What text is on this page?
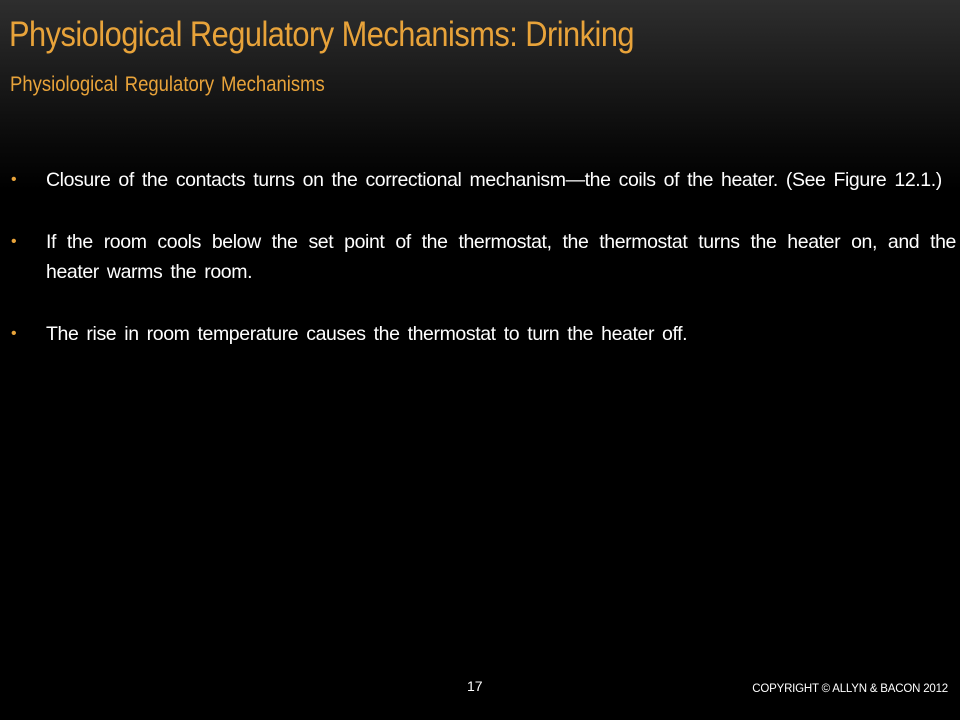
Physiological Regulatory Mechanisms: Drinking
Physiological Regulatory Mechanisms
•	Closure of the contacts turns on the correctional mechanism—the coils of the heater. (See Figure 12.1.)
•	If the room cools below the set point of the thermostat, the thermostat turns the heater on, and the heater warms the room.
•	The rise in room temperature causes the thermostat to turn the heater off.
17	COPYRIGHT © ALLYN & BACON 2012
